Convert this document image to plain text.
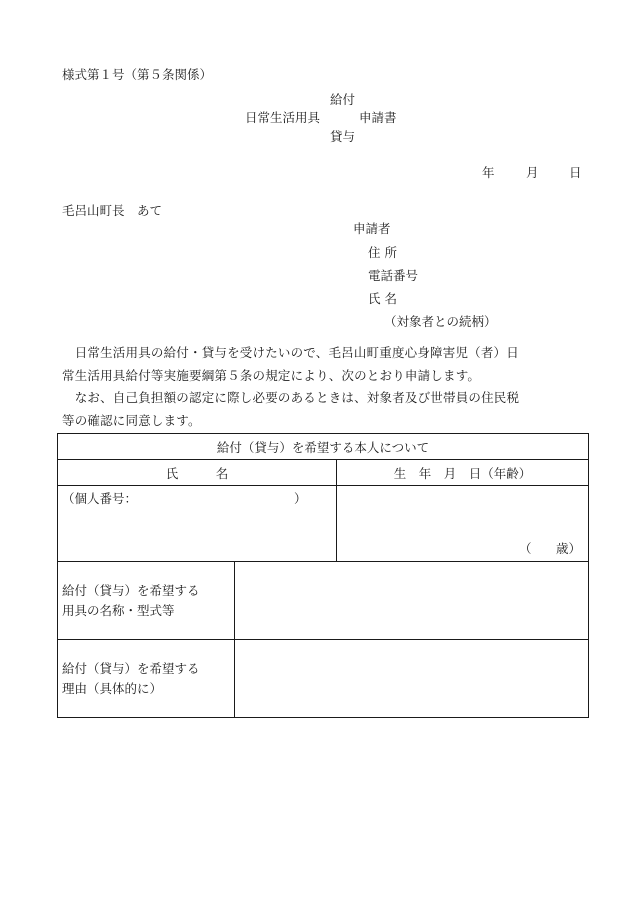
様式第１号（第５条関係）
給付
日常生活用具	申請書
貸与
年	月 日
毛呂山町長　あて
申請者
住 所
電話番号
氏 名
（対象者との続柄）

　日常生活用具の給付・貸与を受けたいので、毛呂山町重度心身障害児（者）日

常生活用具給付等実施要綱第５条の規定により、次のとおり申請します。

　なお、自己負担額の認定に際し必要のあるときは、対象者及び世帯員の住民税

等の確認に同意します。

給付（貸与）を希望する本人について		
氏　　　名		生　年　月　日（年齢）

（個人番号： ）		（ 歳）

給付（貸与）を希望する
用具の名称・型式等		

給付（貸与）を希望する
理由（具体的に）		
